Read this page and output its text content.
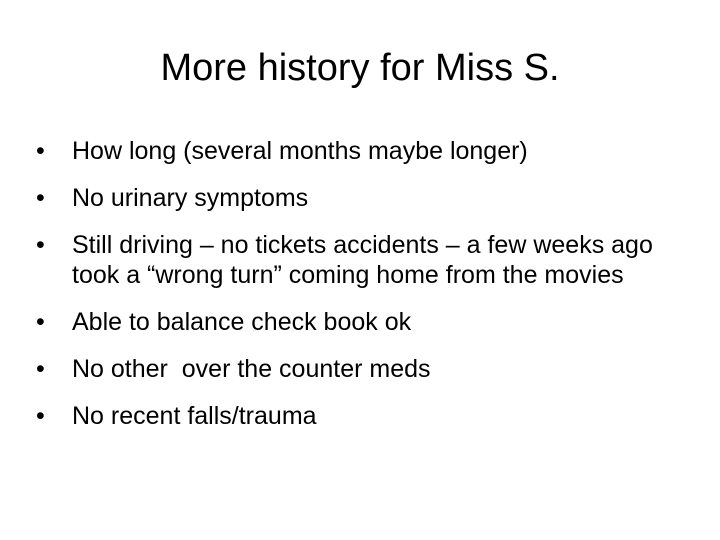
More history for Miss S.
•	How long (several months maybe longer)
•	No urinary symptoms
•	Still driving – no tickets accidents – a few weeks ago took a “wrong turn” coming home from the movies
•	Able to balance check book ok
•	No other  over the counter meds
•	No recent falls/trauma
